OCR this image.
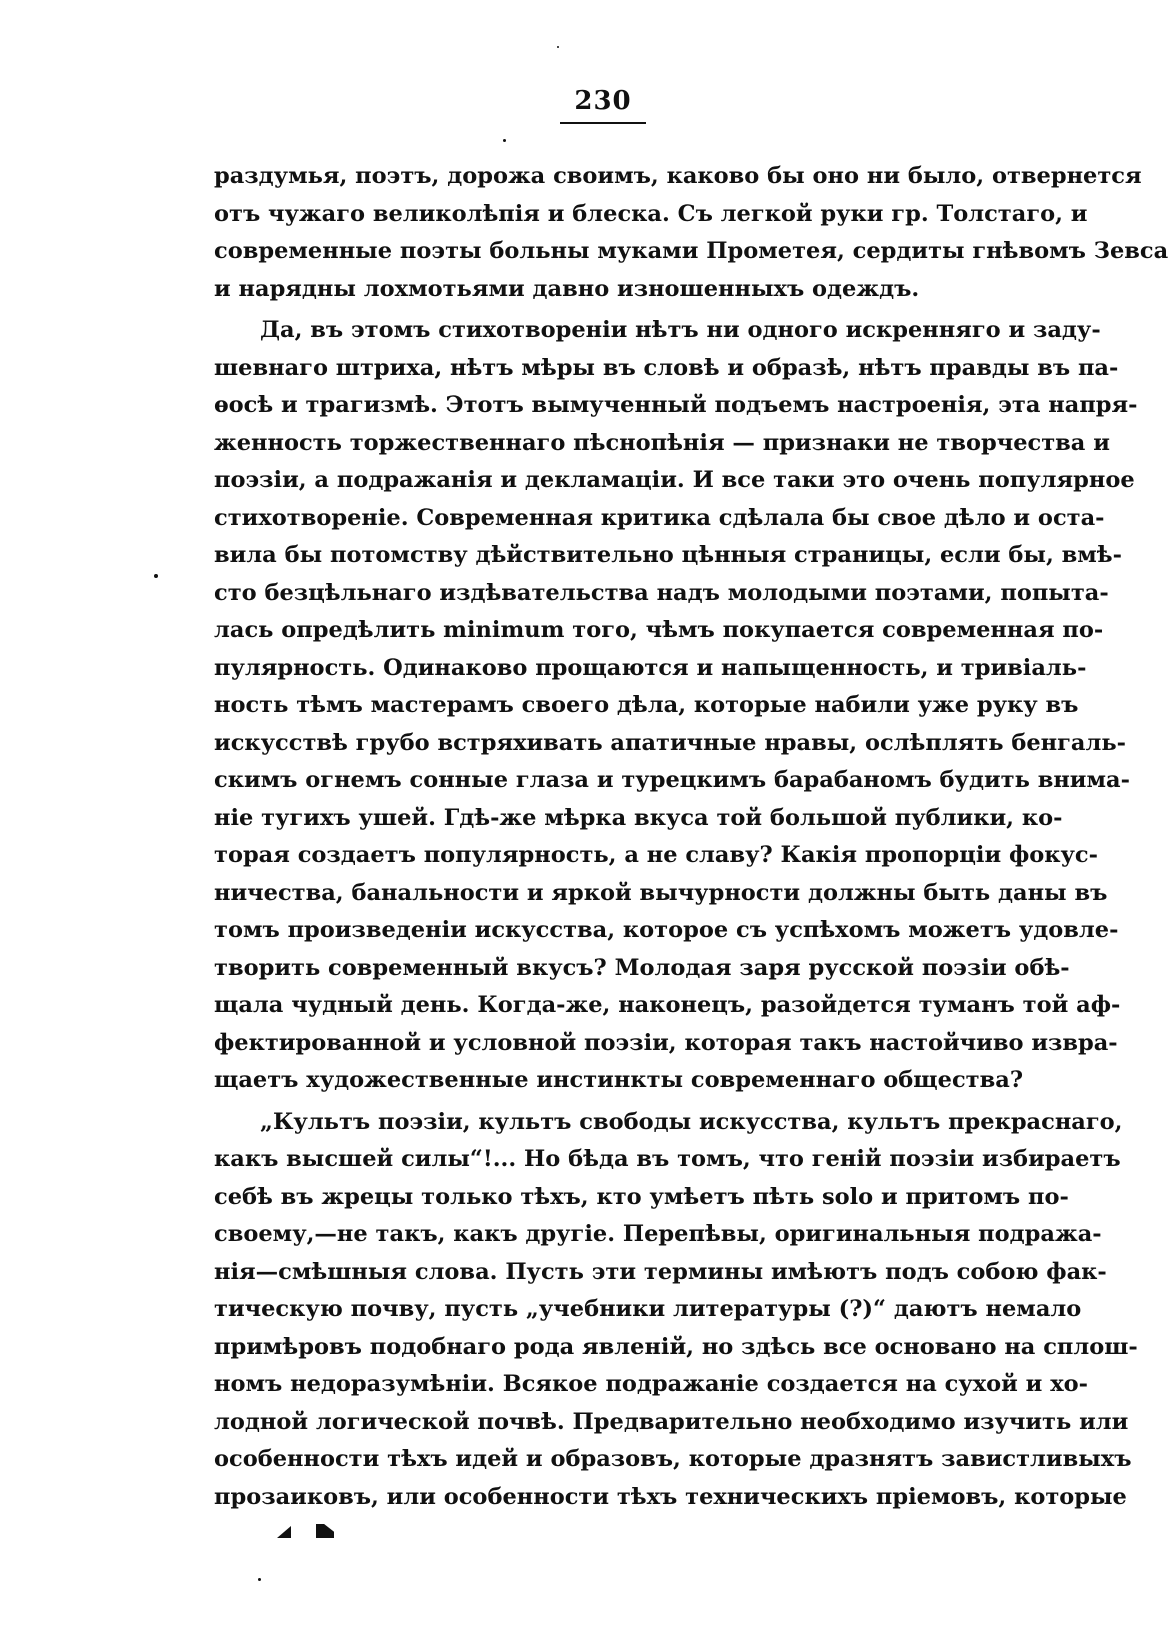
230
раздумья, поэтъ, дорожа своимъ, каково бы оно ни было, отвернется
отъ чужаго великолѣпія и блеска. Съ легкой руки гр. Толстаго, и
современные поэты больны муками Прометея, сердиты гнѣвомъ Зевса
и нарядны лохмотьями давно изношенныхъ одеждъ.
Да, въ этомъ стихотвореніи нѣтъ ни одного искренняго и заду-
шевнаго штриха, нѣтъ мѣры въ словѣ и образѣ, нѣтъ правды въ па-
ѳосѣ и трагизмѣ. Этотъ вымученный подъемъ настроенія, эта напря-
женность торжественнаго пѣснопѣнія — признаки не творчества и
поэзіи, а подражанія и декламаціи. И все таки это очень популярное
стихотвореніе. Современная критика сдѣлала бы свое дѣло и оста-
вила бы потомству дѣйствительно цѣнныя страницы, если бы, вмѣ-
сто безцѣльнаго издѣвательства надъ молодыми поэтами, попыта-
лась опредѣлить minimum того, чѣмъ покупается современная по-
пулярность. Одинаково прощаются и напыщенность, и тривіаль-
ность тѣмъ мастерамъ своего дѣла, которые набили уже руку въ
искусствѣ грубо встряхивать апатичные нравы, ослѣплять бенгаль-
скимъ огнемъ сонные глаза и турецкимъ барабаномъ будить внима-
ніе тугихъ ушей. Гдѣ-же мѣрка вкуса той большой публики, ко-
торая создаетъ популярность, а не славу? Какія пропорціи фокус-
ничества, банальности и яркой вычурности должны быть даны въ
томъ произведеніи искусства, которое съ успѣхомъ можетъ удовле-
творить современный вкусъ? Молодая заря русской поэзіи обѣ-
щала чудный день. Когда-же, наконецъ, разойдется туманъ той аф-
фектированной и условной поэзіи, которая такъ настойчиво извра-
щаетъ художественные инстинкты современнаго общества?
„Культъ поэзіи, культъ свободы искусства, культъ прекраснаго,
какъ высшей силы“!... Но бѣда въ томъ, что геній поэзіи избираетъ
себѣ въ жрецы только тѣхъ, кто умѣетъ пѣть solo и притомъ по-
своему,—не такъ, какъ другіе. Перепѣвы, оригинальныя подража-
нія—смѣшныя слова. Пусть эти термины имѣютъ подъ собою фак-
тическую почву, пусть „учебники литературы (?)“ даютъ немало
примѣровъ подобнаго рода явленій, но здѣсь все основано на сплош-
номъ недоразумѣніи. Всякое подражаніе создается на сухой и хо-
лодной логической почвѣ. Предварительно необходимо изучить или
особенности тѣхъ идей и образовъ, которые дразнятъ завистливыхъ
прозаиковъ, или особенности тѣхъ техническихъ пріемовъ, которые
